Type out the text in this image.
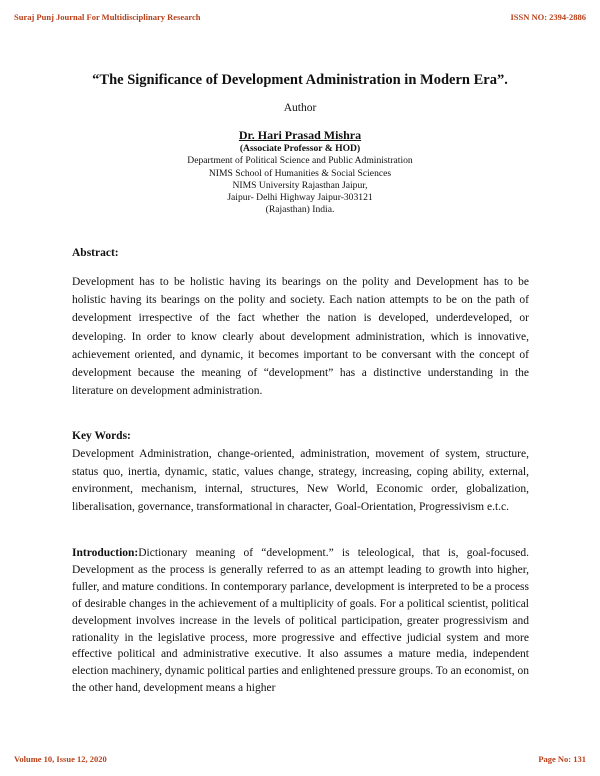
Suraj Punj Journal For Multidisciplinary Research	ISSN NO: 2394-2886
“The Significance of Development Administration in Modern Era”.
Author
Dr. Hari Prasad Mishra
(Associate Professor & HOD)
Department of Political Science and Public Administration
NIMS School of Humanities & Social Sciences
NIMS University Rajasthan Jaipur,
Jaipur- Delhi Highway Jaipur-303121
(Rajasthan) India.
Abstract:

Development has to be holistic having its bearings on the polity and Development has to be holistic having its bearings on the polity and society. Each nation attempts to be on the path of development irrespective of the fact whether the nation is developed, underdeveloped, or developing. In order to know clearly about development administration, which is innovative, achievement oriented, and dynamic, it becomes important to be conversant with the concept of development because the meaning of “development” has a distinctive understanding in the literature on development administration.

Key Words:

Development Administration, change-oriented, administration, movement of system, structure, status quo, inertia, dynamic, static, values change, strategy, increasing, coping ability, external, environment, mechanism, internal, structures, New World, Economic order, globalization, liberalisation, governance, transformational in character, Goal-Orientation, Progressivism e.t.c.

Introduction:Dictionary meaning of “development.” is teleological, that is, goal-focused. Development as the process is generally referred to as an attempt leading to growth into higher, fuller, and mature conditions. In contemporary parlance, development is interpreted to be a process of desirable changes in the achievement of a multiplicity of goals. For a political scientist, political development involves increase in the levels of political participation, greater progressivism and rationality in the legislative process, more progressive and effective judicial system and more effective political and administrative executive. It also assumes a mature media, independent election machinery, dynamic political parties and enlightened pressure groups. To an economist, on the other hand, development means a higher

Volume 10, Issue 12, 2020	Page No: 131
